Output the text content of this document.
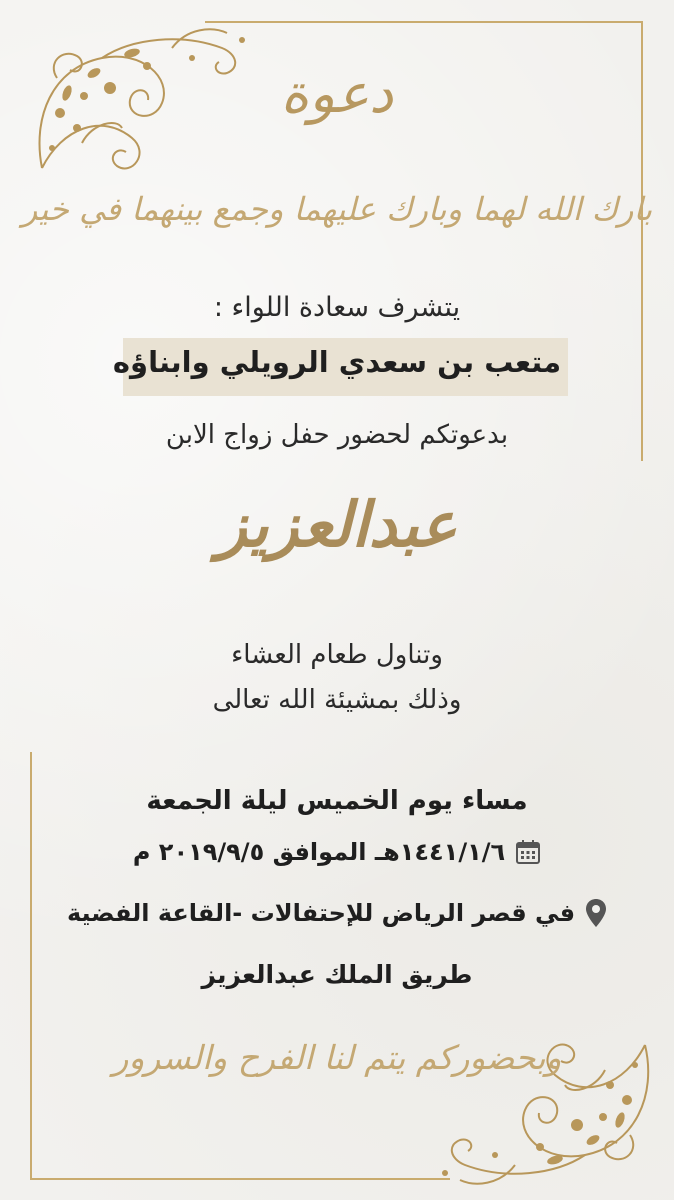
دعوة
بارك الله لهما وبارك عليهما وجمع بينهما في خير
يتشرف سعادة اللواء :
متعب بن سعدي الرويلي وابناؤه
بدعوتكم لحضور حفل زواج الابن
عبدالعزيز
وتناول طعام العشاء
وذلك بمشيئة الله تعالى
مساء يوم الخميس ليلة الجمعة
١٤٤١/١/٦هـ الموافق ٢٠١٩/٩/٥ م
في قصر الرياض للإحتفالات -القاعة الفضية
طريق الملك عبدالعزيز
وبحضوركم يتم لنا الفرح والسرور
